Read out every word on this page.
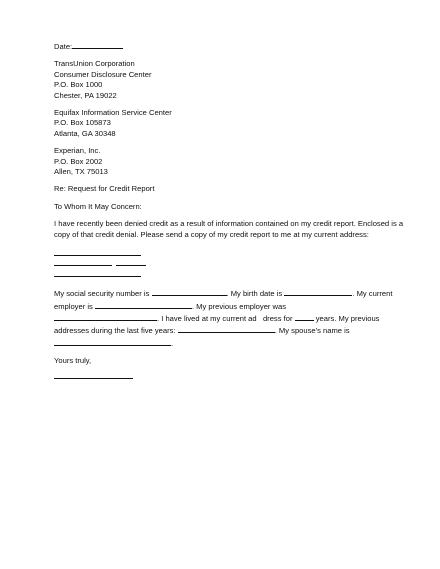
Date:
TransUnion Corporation
Consumer Disclosure Center
P.O. Box 1000
Chester, PA 19022
Equifax Information Service Center
P.O. Box 105873
Atlanta, GA 30348
Experian, Inc.
P.O. Box 2002
Allen, TX 75013
Re: Request for Credit Report
To Whom It May Concern:
I have recently been denied credit as a result of information contained on my credit report. Enclosed is a
copy of that credit denial. Please send a copy of my credit report to me at my current address:
My social security number is	. My birth date is	. My current
employer is	. My previous employer was
. I have lived at my current ad dress for	years. My previous
addresses during the last five years:	. My spouse's name is
.
Yours truly,
